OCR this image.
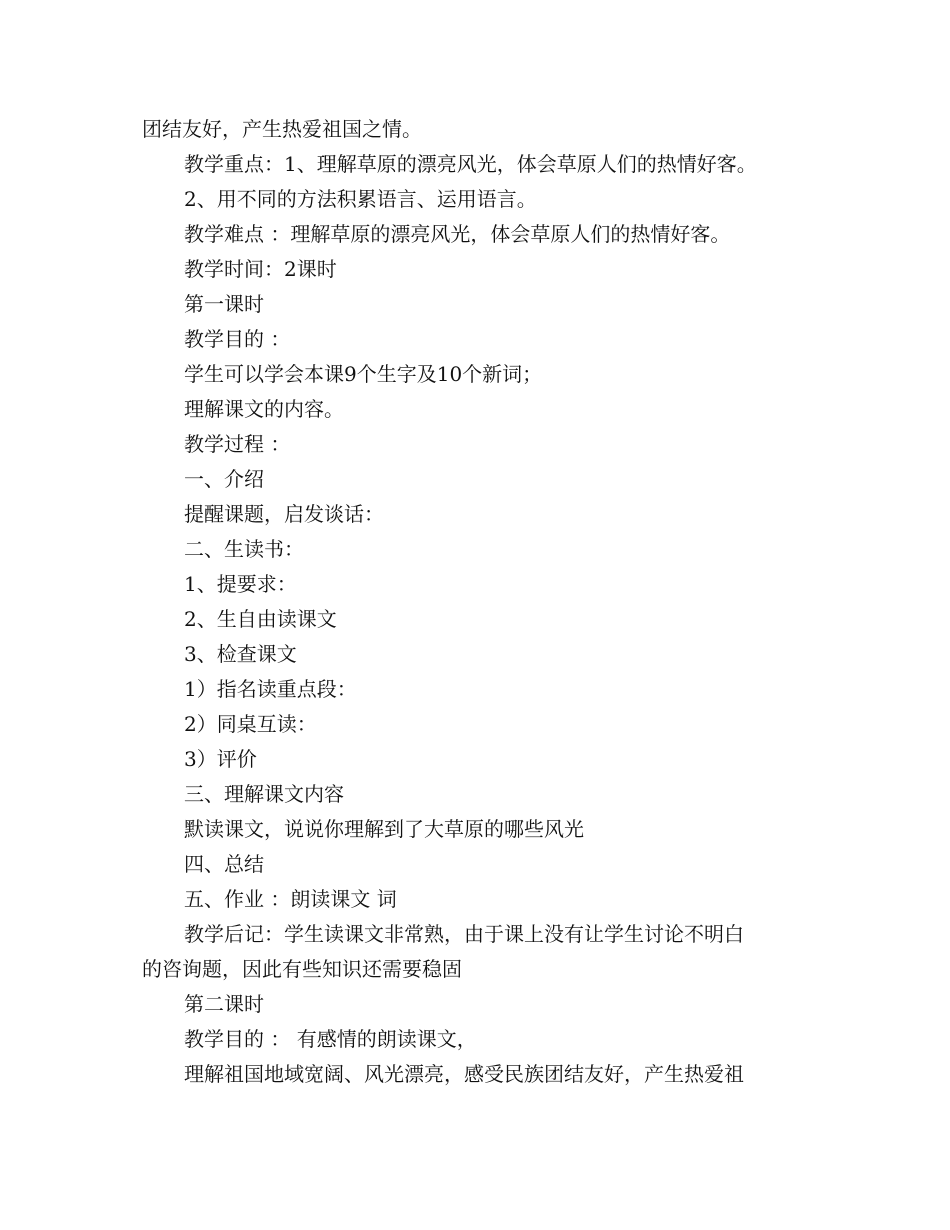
团结友好，产生热爱祖国之情。
教学重点：1、理解草原的漂亮风光，体会草原人们的热情好客。
2、用不同的方法积累语言、运用语言。
教学难点 ：理解草原的漂亮风光，体会草原人们的热情好客。
教学时间：2课时
第一课时
教学目的 ：
学生可以学会本课9个生字及10个新词；
理解课文的内容。
教学过程 ：
一、介绍
提醒课题，启发谈话：
二、生读书：
1、提要求：
2、生自由读课文
3、检查课文
1）指名读重点段：
2）同桌互读：
3）评价
三、理解课文内容
默读课文，说说你理解到了大草原的哪些风光
四、总结
五、作业 ：朗读课文 词
教学后记：学生读课文非常熟，由于课上没有让学生讨论不明白
的咨询题，因此有些知识还需要稳固
第二课时
教学目的 ： 有感情的朗读课文，
理解祖国地域宽阔、风光漂亮，感受民族团结友好，产生热爱祖
